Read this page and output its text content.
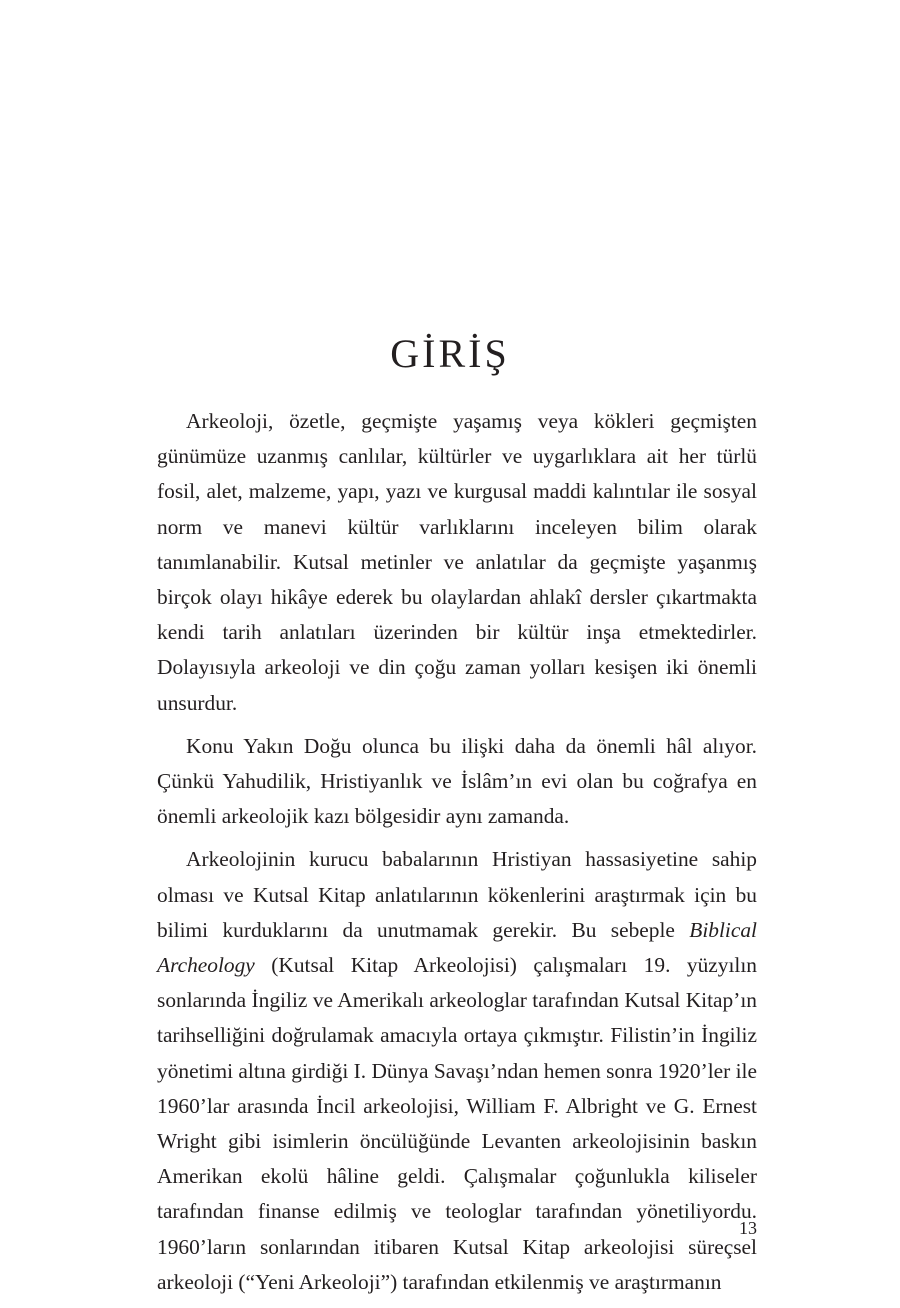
GİRİŞ

Arkeoloji, özetle, geçmişte yaşamış veya kökleri geçmişten günümüze uzanmış canlılar, kültürler ve uygarlıklara ait her türlü fosil, alet, malzeme, yapı, yazı ve kurgusal maddi kalıntılar ile sosyal norm ve manevi kültür varlıklarını inceleyen bilim olarak tanımlanabilir. Kutsal metinler ve anlatılar da geçmişte yaşanmış birçok olayı hikâye ederek bu olaylardan ahlakî dersler çıkartmakta kendi tarih anlatıları üzerinden bir kültür inşa etmektedirler. Dolayısıyla arkeoloji ve din çoğu zaman yolları kesişen iki önemli unsurdur.

Konu Yakın Doğu olunca bu ilişki daha da önemli hâl alıyor. Çünkü Yahudilik, Hristiyanlık ve İslâm’ın evi olan bu coğrafya en önemli arkeolojik kazı bölgesidir aynı zamanda.

Arkeolojinin kurucu babalarının Hristiyan hassasiyetine sahip olması ve Kutsal Kitap anlatılarının kökenlerini araştırmak için bu bilimi kurduklarını da unutmamak gerekir. Bu sebeple Biblical Archeology (Kutsal Kitap Arkeolojisi) çalışmaları 19. yüzyılın sonlarında İngiliz ve Amerikalı arkeologlar tarafından Kutsal Kitap’ın tarihselliğini doğrulamak amacıyla ortaya çıkmıştır. Filistin’in İngiliz yönetimi altına girdiği I. Dünya Savaşı’ndan hemen sonra 1920’ler ile 1960’lar arasında İncil arkeolojisi, William F. Albright ve G. Ernest Wright gibi isimlerin öncülüğünde Levanten arkeolojisinin baskın Amerikan ekolü hâline geldi. Çalışmalar çoğunlukla kiliseler tarafından finanse edilmiş ve teologlar tarafından yönetiliyordu. 1960’ların sonlarından itibaren Kutsal Kitap arkeolojisi süreçsel arkeoloji (“Yeni Arkeoloji”) tarafından etkilenmiş ve araştırmanın

13
